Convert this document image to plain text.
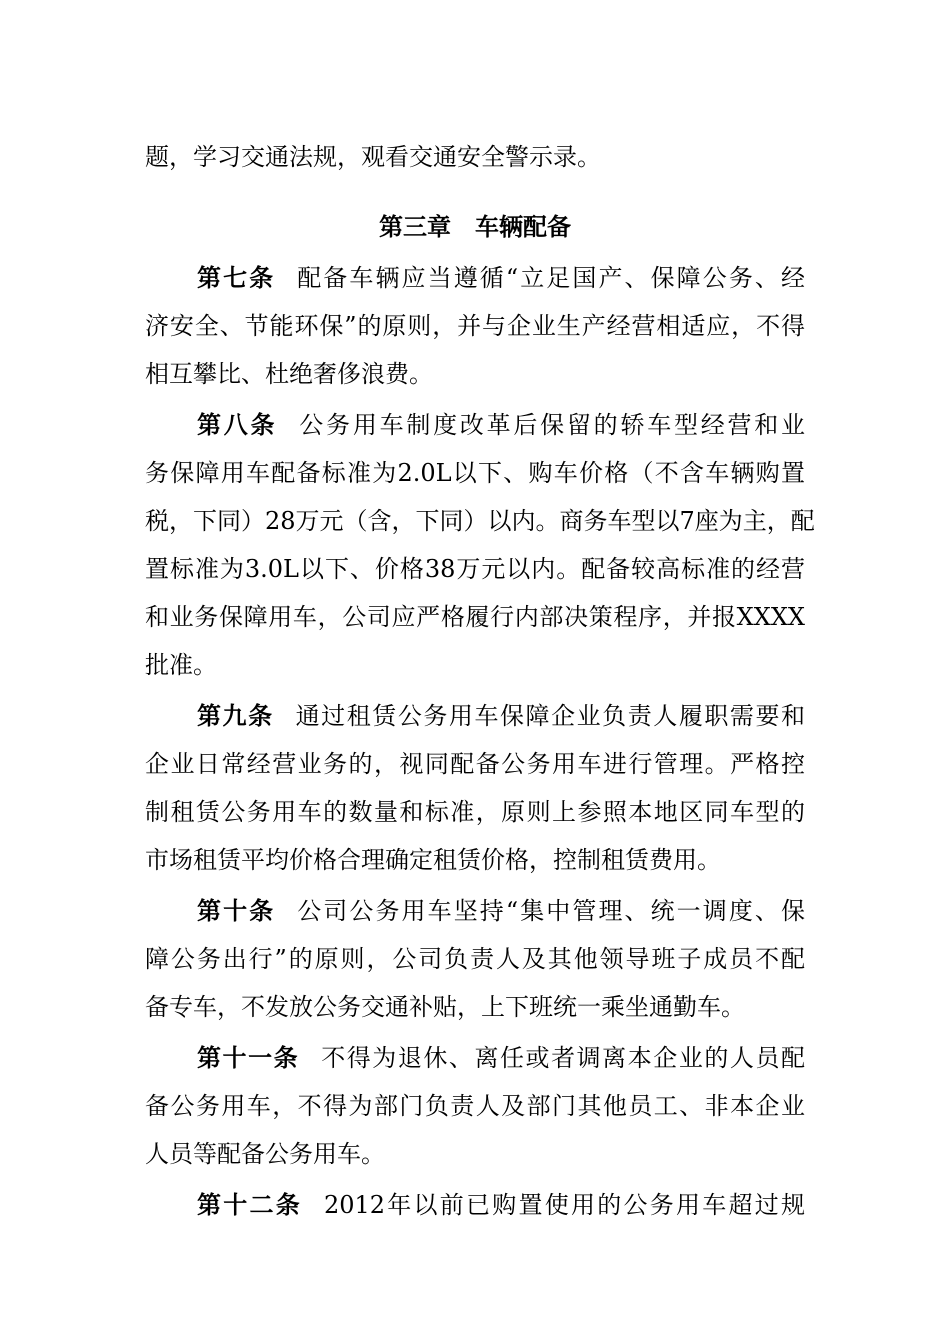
题，学习交通法规，观看交通安全警示录。
第三章　车辆配备
第七条 配备车辆应当遵循“立足国产、保障公务、经
济安全、节能环保”的原则，并与企业生产经营相适应，不得
相互攀比、杜绝奢侈浪费。
第八条 公务用车制度改革后保留的轿车型经营和业
务保障用车配备标准为2.0L以下、购车价格（不含车辆购置
税，下同）28万元（含，下同）以内。商务车型以7座为主，配
置标准为3.0L以下、价格38万元以内。配备较高标准的经营
和业务保障用车，公司应严格履行内部决策程序，并报XXXX
批准。
第九条 通过租赁公务用车保障企业负责人履职需要和
企业日常经营业务的，视同配备公务用车进行管理。严格控
制租赁公务用车的数量和标准，原则上参照本地区同车型的
市场租赁平均价格合理确定租赁价格，控制租赁费用。
第十条 公司公务用车坚持“集中管理、统一调度、保
障公务出行”的原则，公司负责人及其他领导班子成员不配
备专车，不发放公务交通补贴，上下班统一乘坐通勤车。
第十一条 不得为退休、离任或者调离本企业的人员配
备公务用车，不得为部门负责人及部门其他员工、非本企业
人员等配备公务用车。
第十二条 2012年以前已购置使用的公务用车超过规
